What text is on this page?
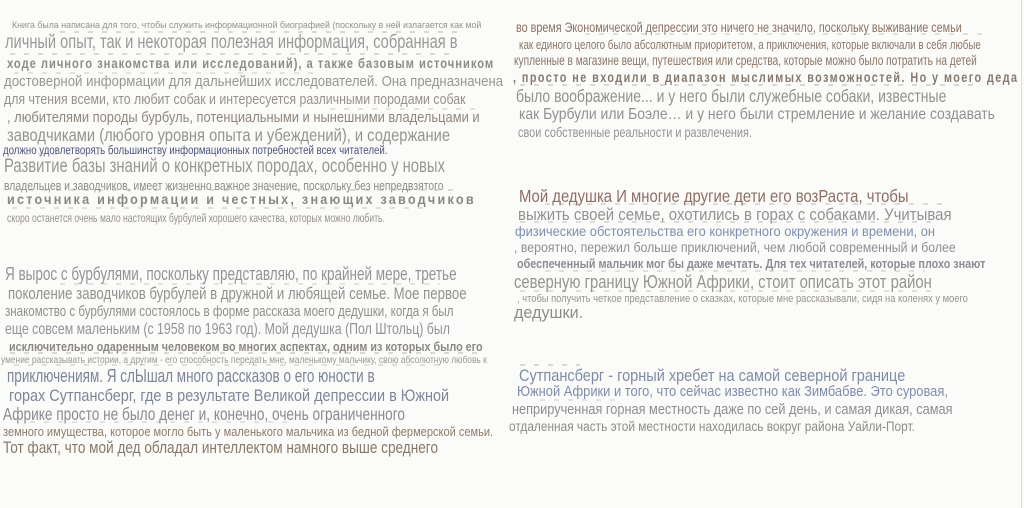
Книга была написана для того, чтобы служить информационной биографией (поскольку в ней излагается как мой
личный опыт, так и некоторая полезная информация, собранная в
ходе личного знакомства или исследований), а также базовым источником
достоверной информации для дальнейших исследователей. Она предназначена
для чтения всеми, кто любит собак и интересуется различными породами собак
, любителями породы бурбуль, потенциальными и нынешними владельцами и
заводчиками (любого уровня опыта и убеждений), и содержание
должно удовлетворять большинству информационных потребностей всех читателей.
Развитие базы знаний о конкретных породах, особенно у новых
владельцев и заводчиков, имеет жизненно важное значение, поскольку без непредвзятого
источника информации и честных, знающих заводчиков
скоро останется очень мало настоящих бурбулей хорошего качества, которых можно любить.
Я вырос с бурбулями, поскольку представляю, по крайней мере, третье
поколение заводчиков бурбулей в дружной и любящей семье. Мое первое
знакомство с бурбулями состоялось в форме рассказа моего дедушки, когда я был
еще совсем маленьким (с 1958 по 1963 год). Мой дедушка (Пол Штольц) был
исключительно одаренным человеком во многих аспектах, одним из которых было его
умение рассказывать истории, а другим - его способность передать мне, маленькому мальчику, свою абсолютную любовь к
приключениям. Я слЫшал много рассказов о его юности в
горах Сутпансберг, где в результате Великой депрессии в Южной
Африке просто не было денег и, конечно, очень ограниченного
земного имущества, которое могло быть у маленького мальчика из бедной фермерской семьи.
Тот факт, что мой дед обладал интеллектом намного выше среднего
во время Экономической депрессии это ничего не значило, поскольку выживание семьи
как единого целого было абсолютным приоритетом, а приключения, которые включали в себя любые
купленные в магазине вещи, путешествия или средства, которые можно было потратить на детей
, просто не входили в диапазон мыслимых возможностей. Но у моего деда
было воображение... и у него были служебные собаки, известные
как Бурбули или Боэле… и у него были стремление и желание создавать
свои собственные реальности и развлечения.
Мой дедушка И многие другие дети его возРаста, чтобы
выжить своей семье, охотились в горах с собаками. Учитывая
физические обстоятельства его конкретного окружения и времени, он
, вероятно, пережил больше приключений, чем любой современный и более
обеспеченный мальчик мог бы даже мечтать. Для тех читателей, которые плохо знают
северную границу Южной Африки, стоит описать этот район
, чтобы получить четкое представление о сказках, которые мне рассказывали, сидя на коленях у моего
дедушки.
Сутпансберг - горный хребет на самой северной границе
Южной Африки и того, что сейчас известно как Зимбабве. Это суровая,
неприрученная горная местность даже по сей день, и самая дикая, самая
отдаленная часть этой местности находилась вокруг района Уайли-Порт.
